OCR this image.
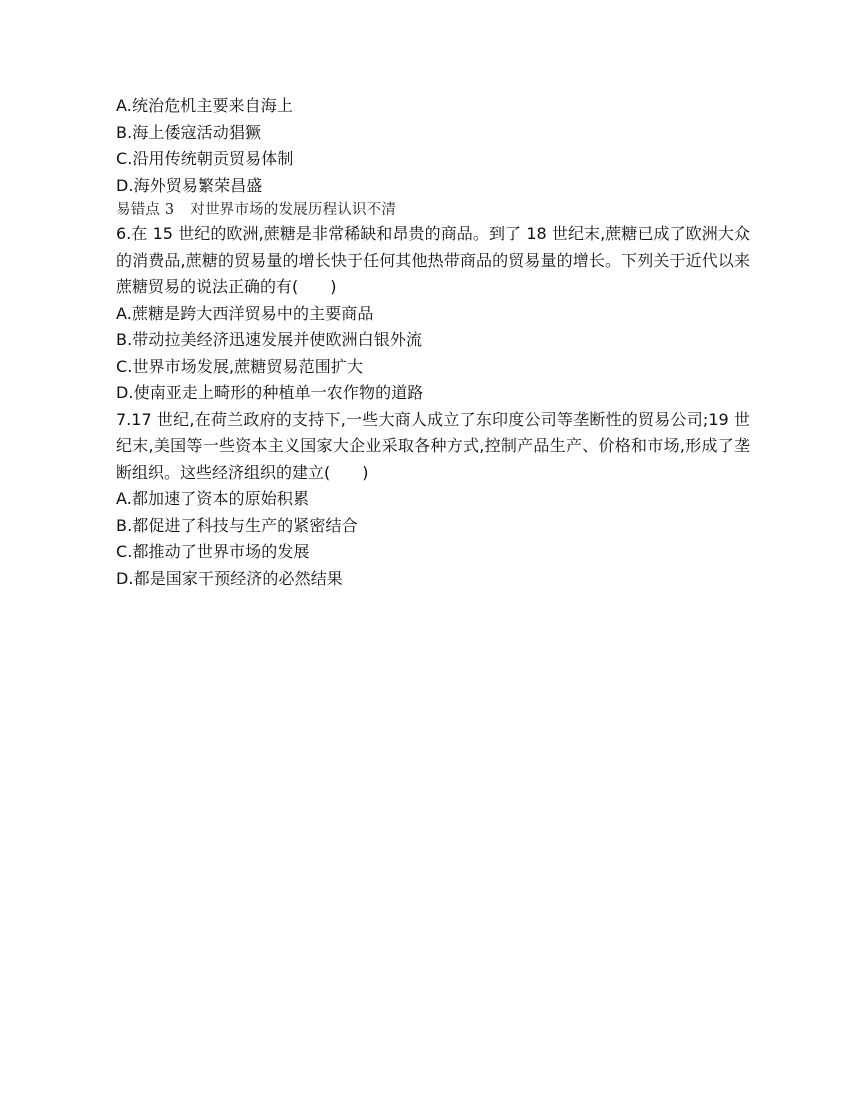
A.统治危机主要来自海上
B.海上倭寇活动猖獗
C.沿用传统朝贡贸易体制
D.海外贸易繁荣昌盛
易错点 3 对世界市场的发展历程认识不清
6.在 15 世纪的欧洲,蔗糖是非常稀缺和昂贵的商品。到了 18 世纪末,蔗糖已成了欧洲大众的消费品,蔗糖的贸易量的增长快于任何其他热带商品的贸易量的增长。下列关于近代以来蔗糖贸易的说法正确的有(　　)
A.蔗糖是跨大西洋贸易中的主要商品
B.带动拉美经济迅速发展并使欧洲白银外流
C.世界市场发展,蔗糖贸易范围扩大
D.使南亚走上畸形的种植单一农作物的道路
7.17 世纪,在荷兰政府的支持下,一些大商人成立了东印度公司等垄断性的贸易公司;19 世纪末,美国等一些资本主义国家大企业采取各种方式,控制产品生产、价格和市场,形成了垄断组织。这些经济组织的建立(　　)
A.都加速了资本的原始积累
B.都促进了科技与生产的紧密结合
C.都推动了世界市场的发展
D.都是国家干预经济的必然结果
